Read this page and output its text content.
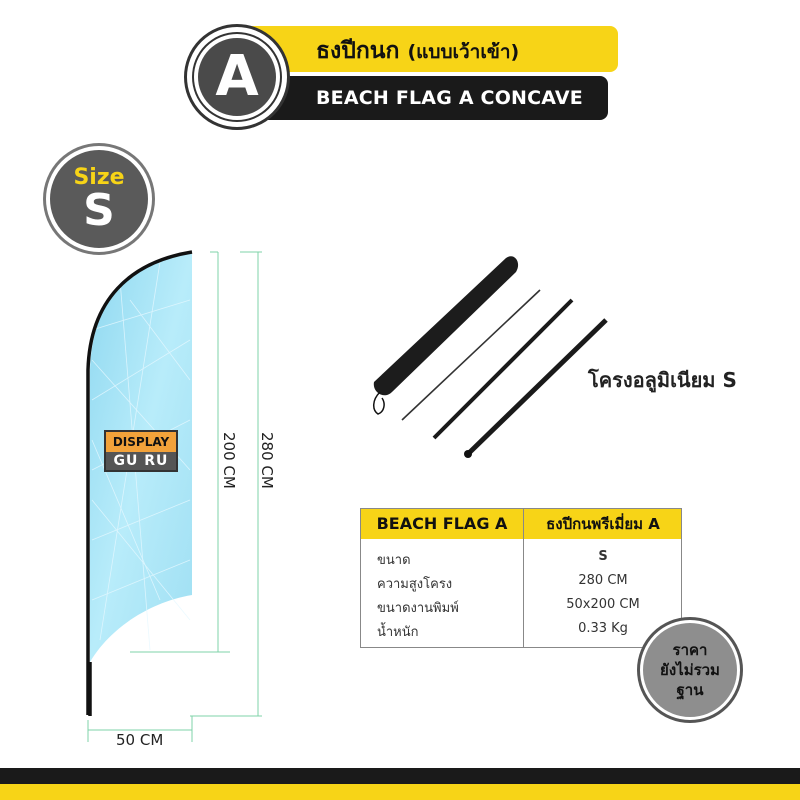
ธงปีกนก (แบบเว้าเข้า)
BEACH FLAG A CONCAVE
A
Size
S
DISPLAY
GU RU	200 CM 280 CM
50 CM
โครงอลูมิเนียม S
BEACH FLAG A	ธงปีกนพรีเมี่ยม A
ขนาด	S
ความสูงโครง	280 CM
ขนาดงานพิมพ์	50x200 CM
น้ำหนัก	0.33 Kg
ราคา
ยังไม่รวม
ฐาน
